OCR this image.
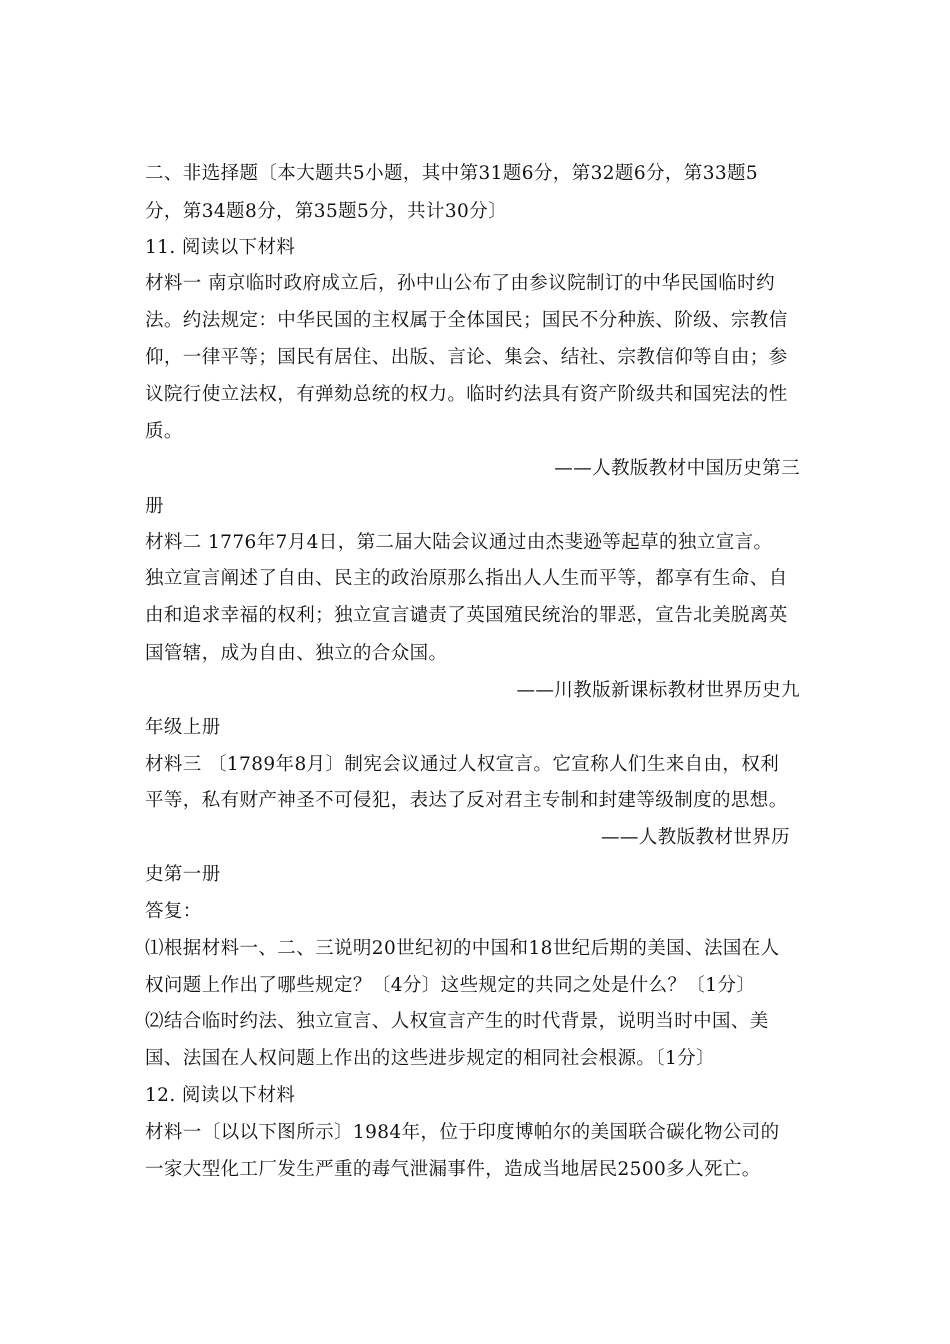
二、非选择题〔本大题共5小题，其中第31题6分，第32题6分，第33题5
分，第34题8分，第35题5分，共计30分〕
11. 阅读以下材料
材料一 南京临时政府成立后，孙中山公布了由参议院制订的中华民国临时约
法。约法规定：中华民国的主权属于全体国民；国民不分种族、阶级、宗教信
仰，一律平等；国民有居住、出版、言论、集会、结社、宗教信仰等自由；参
议院行使立法权，有弹劾总统的权力。临时约法具有资产阶级共和国宪法的性
质。
——人教版教材中国历史第三
册
材料二 1776年7月4日，第二届大陆会议通过由杰斐逊等起草的独立宣言。
独立宣言阐述了自由、民主的政治原那么指出人人生而平等，都享有生命、自
由和追求幸福的权利；独立宣言谴责了英国殖民统治的罪恶，宣告北美脱离英
国管辖，成为自由、独立的合众国。
——川教版新课标教材世界历史九
年级上册
材料三 〔1789年8月〕制宪会议通过人权宣言。它宣称人们生来自由，权利
平等，私有财产神圣不可侵犯，表达了反对君主专制和封建等级制度的思想。
——人教版教材世界历
史第一册
答复：
⑴根据材料一、二、三说明20世纪初的中国和18世纪后期的美国、法国在人
权问题上作出了哪些规定？〔4分〕这些规定的共同之处是什么？〔1分〕
⑵结合临时约法、独立宣言、人权宣言产生的时代背景，说明当时中国、美
国、法国在人权问题上作出的这些进步规定的相同社会根源。〔1分〕
12. 阅读以下材料
材料一〔以以下图所示〕1984年，位于印度博帕尔的美国联合碳化物公司的
一家大型化工厂发生严重的毒气泄漏事件，造成当地居民2500多人死亡。
